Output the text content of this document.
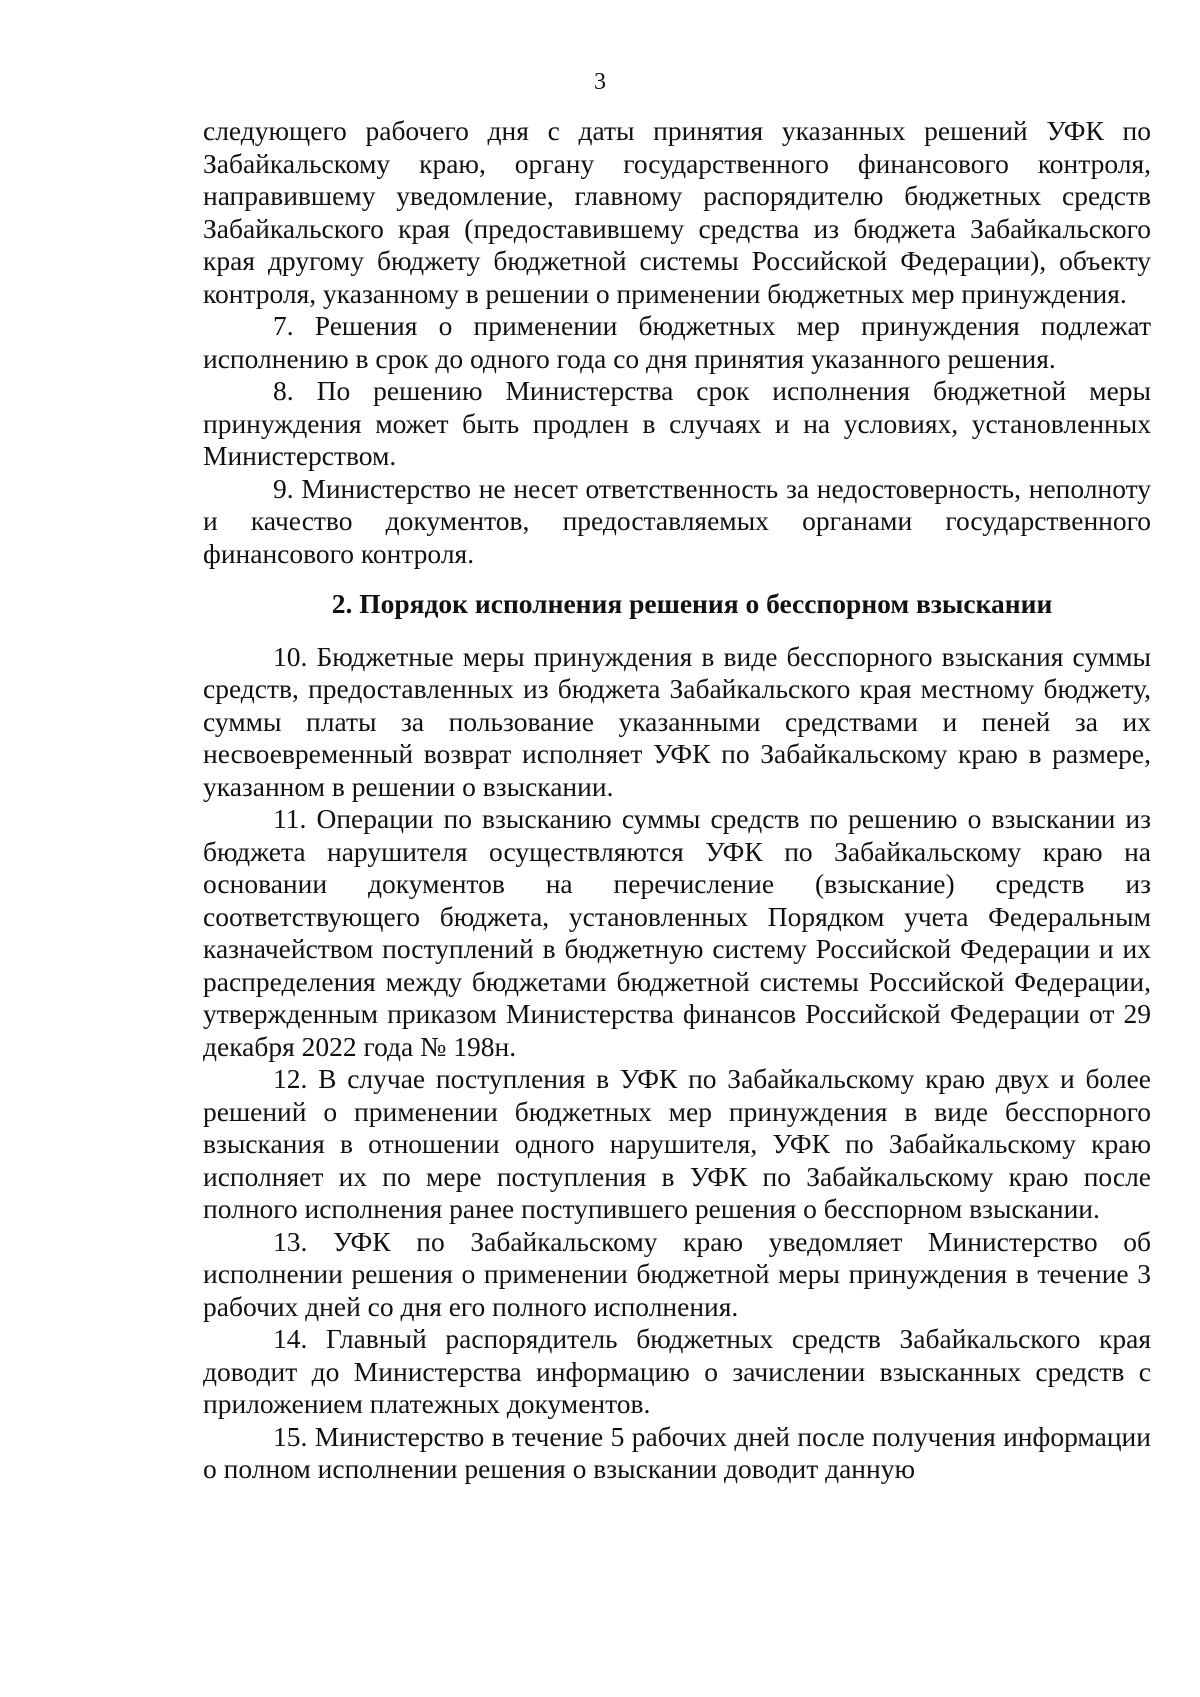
3

следующего рабочего дня с даты принятия указанных решений УФК по Забайкальскому краю, органу государственного финансового контроля, направившему уведомление, главному распорядителю бюджетных средств Забайкальского края (предоставившему средства из бюджета Забайкальского края другому бюджету бюджетной системы Российской Федерации), объекту контроля, указанному в решении о применении бюджетных мер принуждения.

7. Решения о применении бюджетных мер принуждения подлежат исполнению в срок до одного года со дня принятия указанного решения.

8. По решению Министерства срок исполнения бюджетной меры принуждения может быть продлен в случаях и на условиях, установленных Министерством.

9. Министерство не несет ответственность за недостоверность, неполноту и качество документов, предоставляемых органами государственного финансового контроля.

2. Порядок исполнения решения о бесспорном взыскании

10. Бюджетные меры принуждения в виде бесспорного взыскания суммы средств, предоставленных из бюджета Забайкальского края местному бюджету, суммы платы за пользование указанными средствами и пеней за их несвоевременный возврат исполняет УФК по Забайкальскому краю в размере, указанном в решении о взыскании.

11. Операции по взысканию суммы средств по решению о взыскании из бюджета нарушителя осуществляются УФК по Забайкальскому краю на основании документов на перечисление (взыскание) средств из соответствующего бюджета, установленных Порядком учета Федеральным казначейством поступлений в бюджетную систему Российской Федерации и их распределения между бюджетами бюджетной системы Российской Федерации, утвержденным приказом Министерства финансов Российской Федерации от 29 декабря 2022 года № 198н.

12. В случае поступления в УФК по Забайкальскому краю двух и более решений о применении бюджетных мер принуждения в виде бесспорного взыскания в отношении одного нарушителя, УФК по Забайкальскому краю исполняет их по мере поступления в УФК по Забайкальскому краю после полного исполнения ранее поступившего решения о бесспорном взыскании.

13. УФК по Забайкальскому краю уведомляет Министерство об исполнении решения о применении бюджетной меры принуждения в течение 3 рабочих дней со дня его полного исполнения.

14. Главный распорядитель бюджетных средств Забайкальского края доводит до Министерства информацию о зачислении взысканных средств с приложением платежных документов.

15. Министерство в течение 5 рабочих дней после получения информации о полном исполнении решения о взыскании доводит данную
